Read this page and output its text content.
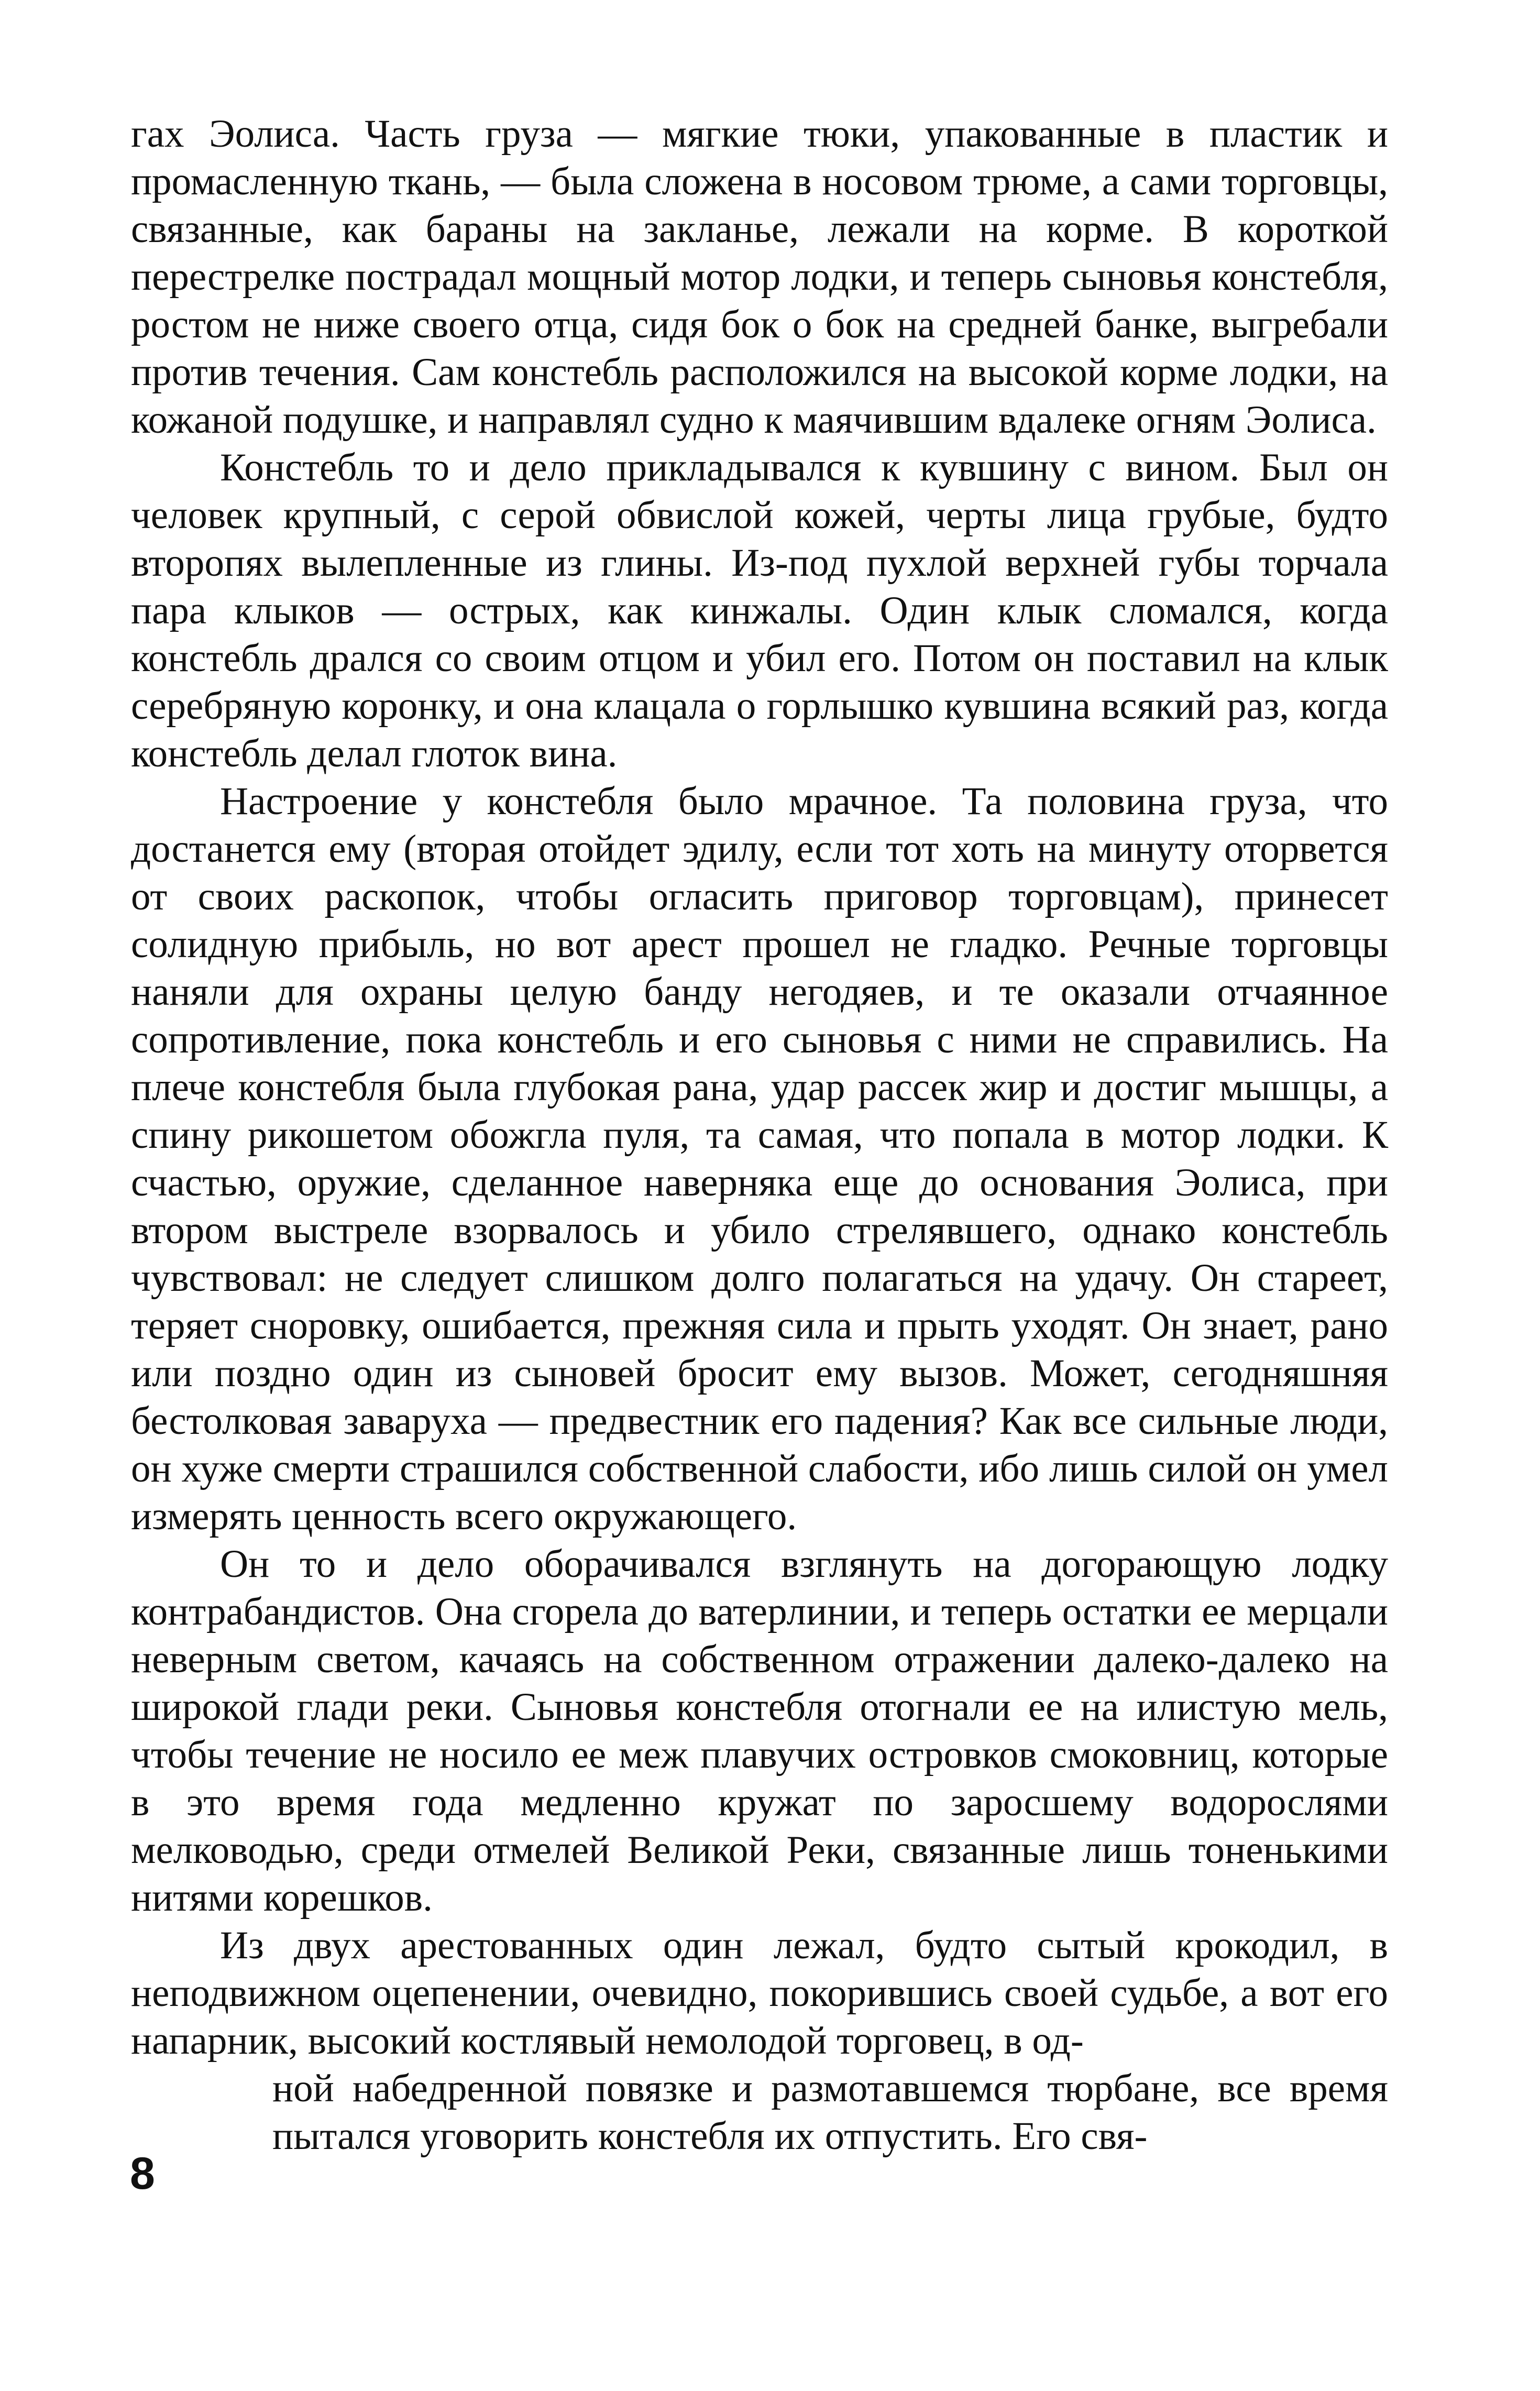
гах Эолиса. Часть груза — мягкие тюки, упакованные в пластик и промасленную ткань, — была сложена в носовом трюме, а сами торговцы, связанные, как бараны на закланье, лежали на корме. В короткой перестрелке пострадал мощный мотор лодки, и теперь сыновья констебля, ростом не ниже своего отца, сидя бок о бок на средней банке, выгребали против течения. Сам констебль расположился на высокой корме лодки, на кожаной подушке, и направлял судно к маячившим вдалеке огням Эолиса.

Констебль то и дело прикладывался к кувшину с вином. Был он человек крупный, с серой обвислой кожей, черты лица грубые, будто второпях вылепленные из глины. Из-под пухлой верхней губы торчала пара клыков — острых, как кинжалы. Один клык сломался, когда констебль дрался со своим отцом и убил его. Потом он поставил на клык серебряную коронку, и она клацала о горлышко кувшина всякий раз, когда констебль делал глоток вина.

Настроение у констебля было мрачное. Та половина груза, что достанется ему (вторая отойдет эдилу, если тот хоть на минуту оторвется от своих раскопок, чтобы огласить приговор торговцам), принесет солидную прибыль, но вот арест прошел не гладко. Речные торговцы наняли для охраны целую банду негодяев, и те оказали отчаянное сопротивление, пока констебль и его сыновья с ними не справились. На плече констебля была глубокая рана, удар рассек жир и достиг мышцы, а спину рикошетом обожгла пуля, та самая, что попала в мотор лодки. К счастью, оружие, сделанное наверняка еще до основания Эолиса, при втором выстреле взорвалось и убило стрелявшего, однако констебль чувствовал: не следует слишком долго полагаться на удачу. Он стареет, теряет сноровку, ошибается, прежняя сила и прыть уходят. Он знает, рано или поздно один из сыновей бросит ему вызов. Может, сегодняшняя бестолковая заваруха — предвестник его падения? Как все сильные люди, он хуже смерти страшился собственной слабости, ибо лишь силой он умел измерять ценность всего окружающего.

Он то и дело оборачивался взглянуть на догорающую лодку контрабандистов. Она сгорела до ватерлинии, и теперь остатки ее мерцали неверным светом, качаясь на собственном отражении далеко-далеко на широкой глади реки. Сыновья констебля отогнали ее на илистую мель, чтобы течение не носило ее меж плавучих островков смоковниц, которые в это время года медленно кружат по заросшему водорослями мелководью, среди отмелей Великой Реки, связанные лишь тоненькими нитями корешков.

Из двух арестованных один лежал, будто сытый крокодил, в неподвижном оцепенении, очевидно, покорившись своей судьбе, а вот его напарник, высокий костлявый немолодой торговец, в од-

ной набедренной повязке и размотавшемся тюрбане, все время пытался уговорить констебля их отпустить. Его свя-

8
